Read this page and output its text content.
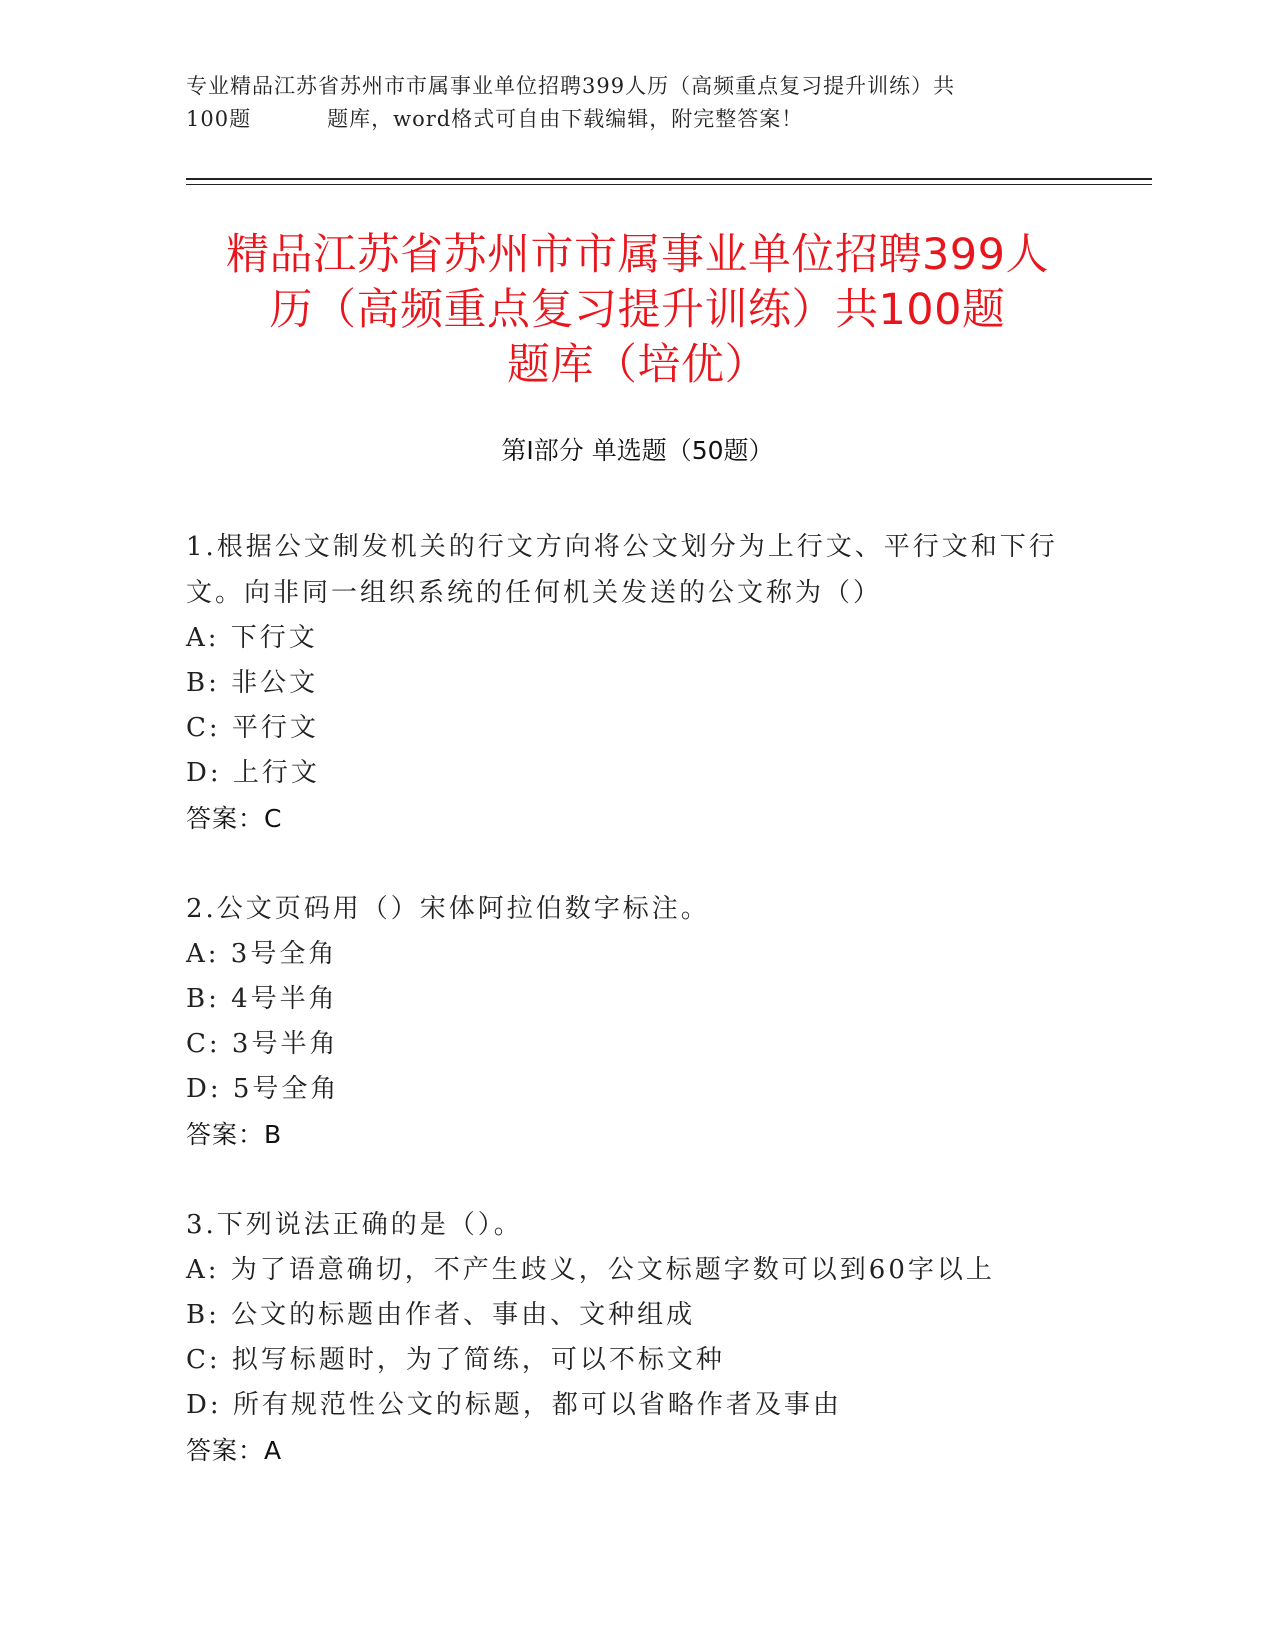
专业精品江苏省苏州市市属事业单位招聘399人历（高频重点复习提升训练）共
100题	题库，word格式可自由下载编辑，附完整答案！
精品江苏省苏州市市属事业单位招聘399人
历（高频重点复习提升训练）共100题
题库（培优）
第Ⅰ部分 单选题（50题）
1.根据公文制发机关的行文方向将公文划分为上行文、平行文和下行
文。向非同一组织系统的任何机关发送的公文称为（）
A: 下行文
B: 非公文
C: 平行文
D: 上行文
答案：C
2.公文页码用（）宋体阿拉伯数字标注。
A: 3号全角
B: 4号半角
C: 3号半角
D: 5号全角
答案：B
3.下列说法正确的是（）。
A: 为了语意确切，不产生歧义，公文标题字数可以到60字以上
B: 公文的标题由作者、事由、文种组成
C: 拟写标题时，为了简练，可以不标文种
D: 所有规范性公文的标题，都可以省略作者及事由
答案：A
